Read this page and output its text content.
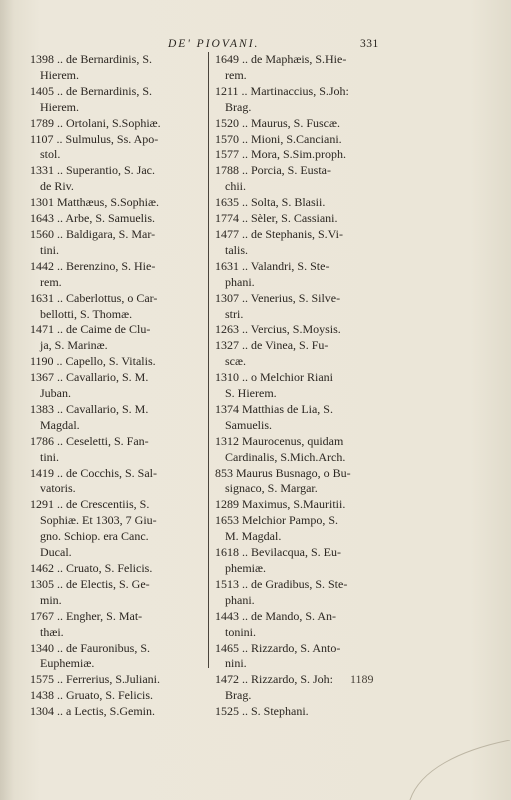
DE' PIOVANI.	331
1398 .. de Bernardinis, S.
Hierem.
1405 .. de Bernardinis, S.
Hierem.
1789 .. Ortolani, S.Sophiæ.
1107 .. Sulmulus, Ss. Apo-
stol.
1331 .. Superantio, S. Jac.
de Riv.
1301 Matthæus, S.Sophiæ.
1643 .. Arbe, S. Samuelis.
1560 .. Baldigara, S. Mar-
tini.
1442 .. Berenzino, S. Hie-
rem.
1631 .. Caberlottus, o Car-
bellotti, S. Thomæ.
1471 .. de Caime de Clu-
ja, S. Marinæ.
1190 .. Capello, S. Vitalis.
1367 .. Cavallario, S. M.
Juban.
1383 .. Cavallario, S. M.
Magdal.
1786 .. Ceseletti, S. Fan-
tini.
1419 .. de Cocchis, S. Sal-
vatoris.
1291 .. de Crescentiis, S.
Sophiæ. Et 1303, 7 Giu-
gno. Schiop. era Canc.
Ducal.
1462 .. Cruato, S. Felicis.
1305 .. de Electis, S. Ge-
min.
1767 .. Engher, S. Mat-
thæi.
1340 .. de Fauronibus, S.
Euphemiæ.
1575 .. Ferrerius, S.Juliani.
1438 .. Gruato, S. Felicis.
1304 .. a Lectis, S.Gemin.
1649 .. de Maphæis, S.Hie-
rem.
1211 .. Martinaccius, S.Joh:
Brag.
1520 .. Maurus, S. Fuscæ.
1570 .. Mioni, S.Canciani.
1577 .. Mora, S.Sim.proph.
1788 .. Porcia, S. Eusta-
chii.
1635 .. Solta, S. Blasii.
1774 .. Sèler, S. Cassiani.
1477 .. de Stephanis, S.Vi-
talis.
1631 .. Valandri, S. Ste-
phani.
1307 .. Venerius, S. Silve-
stri.
1263 .. Vercius, S.Moysis.
1327 .. de Vinea, S. Fu-
scæ.
1310 .. o Melchior Riani
S. Hierem.
1374 Matthias de Lia, S.
Samuelis.
1312 Maurocenus, quidam
Cardinalis, S.Mich.Arch.
853 Maurus Busnago, o Bu-
signaco, S. Margar.
1289 Maximus, S.Mauritii.
1653 Melchior Pampo, S.
M. Magdal.
1618 .. Bevilacqua, S. Eu-
phemiæ.
1513 .. de Gradibus, S. Ste-
phani.
1443 .. de Mando, S. An-
tonini.
1465 .. Rizzardo, S. Anto-
nini.
1472 .. Rizzardo, S. Joh:
Brag.
1525 .. S. Stephani.
1189
